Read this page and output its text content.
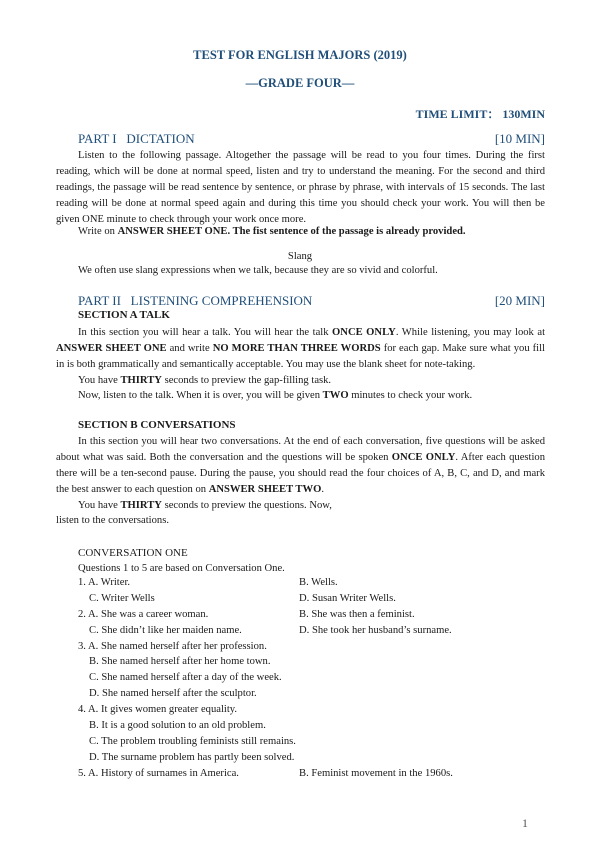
TEST FOR ENGLISH MAJORS (2019)
—GRADE FOUR—
TIME LIMIT： 130MIN
PART I   DICTATION	[10 MIN]

Listen to the following passage. Altogether the passage will be read to you four times. During the first reading, which will be done at normal speed, listen and try to understand the meaning. For the second and third readings, the passage will be read sentence by sentence, or phrase by phrase, with intervals of 15 seconds. The last reading will be done at normal speed again and during this time you should check your work. You will then be given ONE minute to check through your work once more.

Write on ANSWER SHEET ONE. The fist sentence of the passage is already provided.
Slang
We often use slang expressions when we talk, because they are so vivid and colorful.
PART II   LISTENING COMPREHENSION	[20 MIN]
SECTION A TALK

In this section you will hear a talk. You will hear the talk ONCE ONLY. While listening, you may look at ANSWER SHEET ONE and write NO MORE THAN THREE WORDS for each gap. Make sure what you fill in is both grammatically and semantically acceptable. You may use the blank sheet for note-taking.

You have THIRTY seconds to preview the gap-filling task.
Now, listen to the talk. When it is over, you will be given TWO minutes to check your work.
SECTION B CONVERSATIONS

In this section you will hear two conversations. At the end of each conversation, five questions will be asked about what was said. Both the conversation and the questions will be spoken ONCE ONLY. After each question there will be a ten-second pause. During the pause, you should read the four choices of A, B, C, and D, and mark the best answer to each question on ANSWER SHEET TWO.

You have THIRTY seconds to preview the questions. Now,
listen to the conversations.
CONVERSATION ONE
Questions 1 to 5 are based on Conversation One.
1. A. Writer.	B. Wells.
C. Writer Wells	D. Susan Writer Wells.
2. A. She was a career woman.	B. She was then a feminist.
C. She didn’t like her maiden name.	D. She took her husband’s surname.
3. A. She named herself after her profession.
B. She named herself after her home town.
C. She named herself after a day of the week.
D. She named herself after the sculptor.
4. A. It gives women greater equality.
B. It is a good solution to an old problem.
C. The problem troubling feminists still remains.
D. The surname problem has partly been solved.
5. A. History of surnames in America.	B. Feminist movement in the 1960s.
1
